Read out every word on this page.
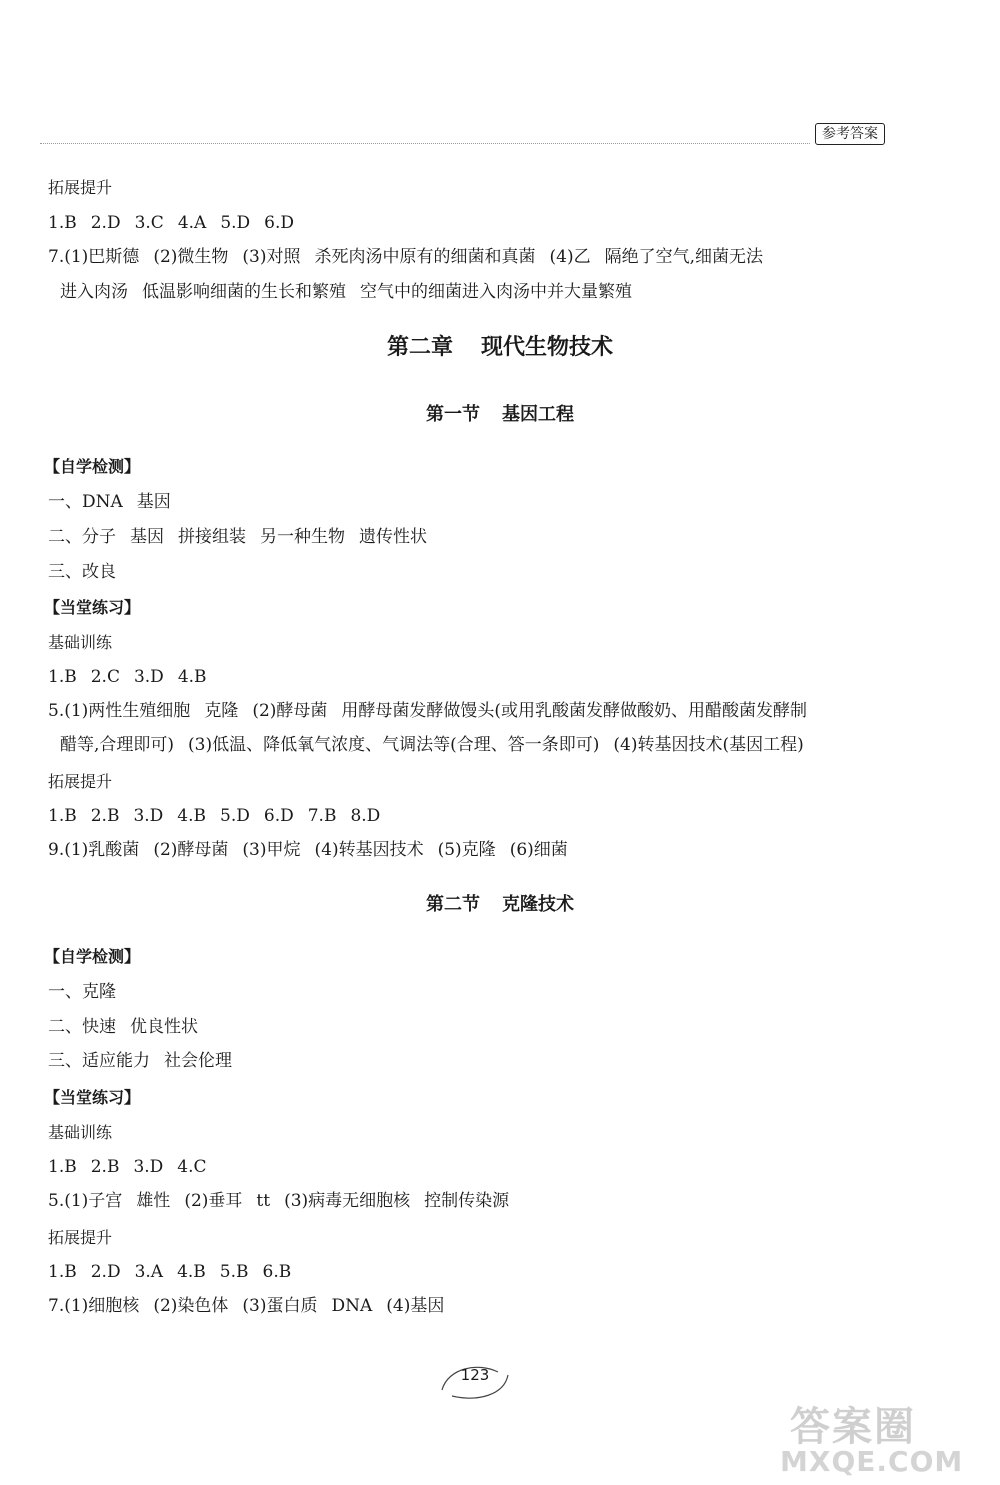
参考答案
拓展提升
1.B 2.D 3.C 4.A 5.D 6.D
7.(1)巴斯德 (2)微生物 (3)对照 杀死肉汤中原有的细菌和真菌 (4)乙 隔绝了空气,细菌无法
进入肉汤 低温影响细菌的生长和繁殖 空气中的细菌进入肉汤中并大量繁殖
第二章 现代生物技术
第一节 基因工程
【自学检测】
一、DNA 基因
二、分子 基因 拼接组装 另一种生物 遗传性状
三、改良
【当堂练习】
基础训练
1.B 2.C 3.D 4.B
5.(1)两性生殖细胞 克隆 (2)酵母菌 用酵母菌发酵做馒头(或用乳酸菌发酵做酸奶、用醋酸菌发酵制
醋等,合理即可) (3)低温、降低氧气浓度、气调法等(合理、答一条即可) (4)转基因技术(基因工程)
拓展提升
1.B 2.B 3.D 4.B 5.D 6.D 7.B 8.D
9.(1)乳酸菌 (2)酵母菌 (3)甲烷 (4)转基因技术 (5)克隆 (6)细菌
第二节 克隆技术
【自学检测】
一、克隆
二、快速 优良性状
三、适应能力 社会伦理
【当堂练习】
基础训练
1.B 2.B 3.D 4.C
5.(1)子宫 雄性 (2)垂耳 tt (3)病毒无细胞核 控制传染源
拓展提升
1.B 2.D 3.A 4.B 5.B 6.B
7.(1)细胞核 (2)染色体 (3)蛋白质 DNA (4)基因
123
答案圈
MXQE.COM
